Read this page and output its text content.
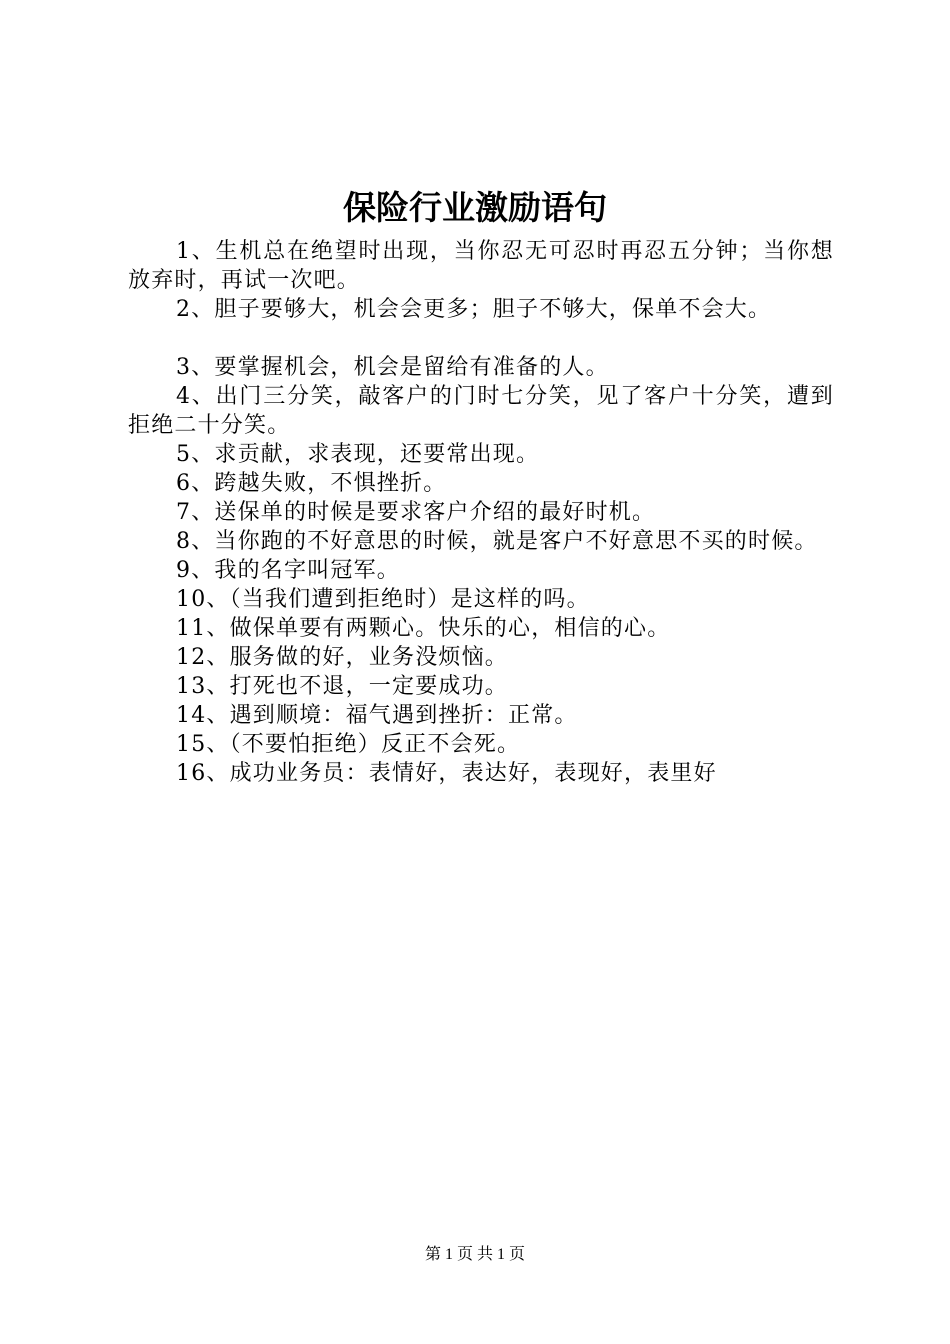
保险行业激励语句

1、生机总在绝望时出现，当你忍无可忍时再忍五分钟；当你想放弃时，再试一次吧。

2、胆子要够大，机会会更多；胆子不够大，保单不会大。

3、要掌握机会，机会是留给有准备的人。

4、出门三分笑，敲客户的门时七分笑，见了客户十分笑，遭到拒绝二十分笑。

5、求贡献，求表现，还要常出现。

6、跨越失败，不惧挫折。

7、送保单的时候是要求客户介绍的最好时机。

8、当你跑的不好意思的时候，就是客户不好意思不买的时候。

9、我的名字叫冠军。

10、（当我们遭到拒绝时）是这样的吗。

11、做保单要有两颗心。快乐的心，相信的心。

12、服务做的好，业务没烦恼。

13、打死也不退，一定要成功。

14、遇到顺境：福气遇到挫折：正常。

15、（不要怕拒绝）反正不会死。

16、成功业务员：表情好，表达好，表现好，表里好

第 1 页 共 1 页
